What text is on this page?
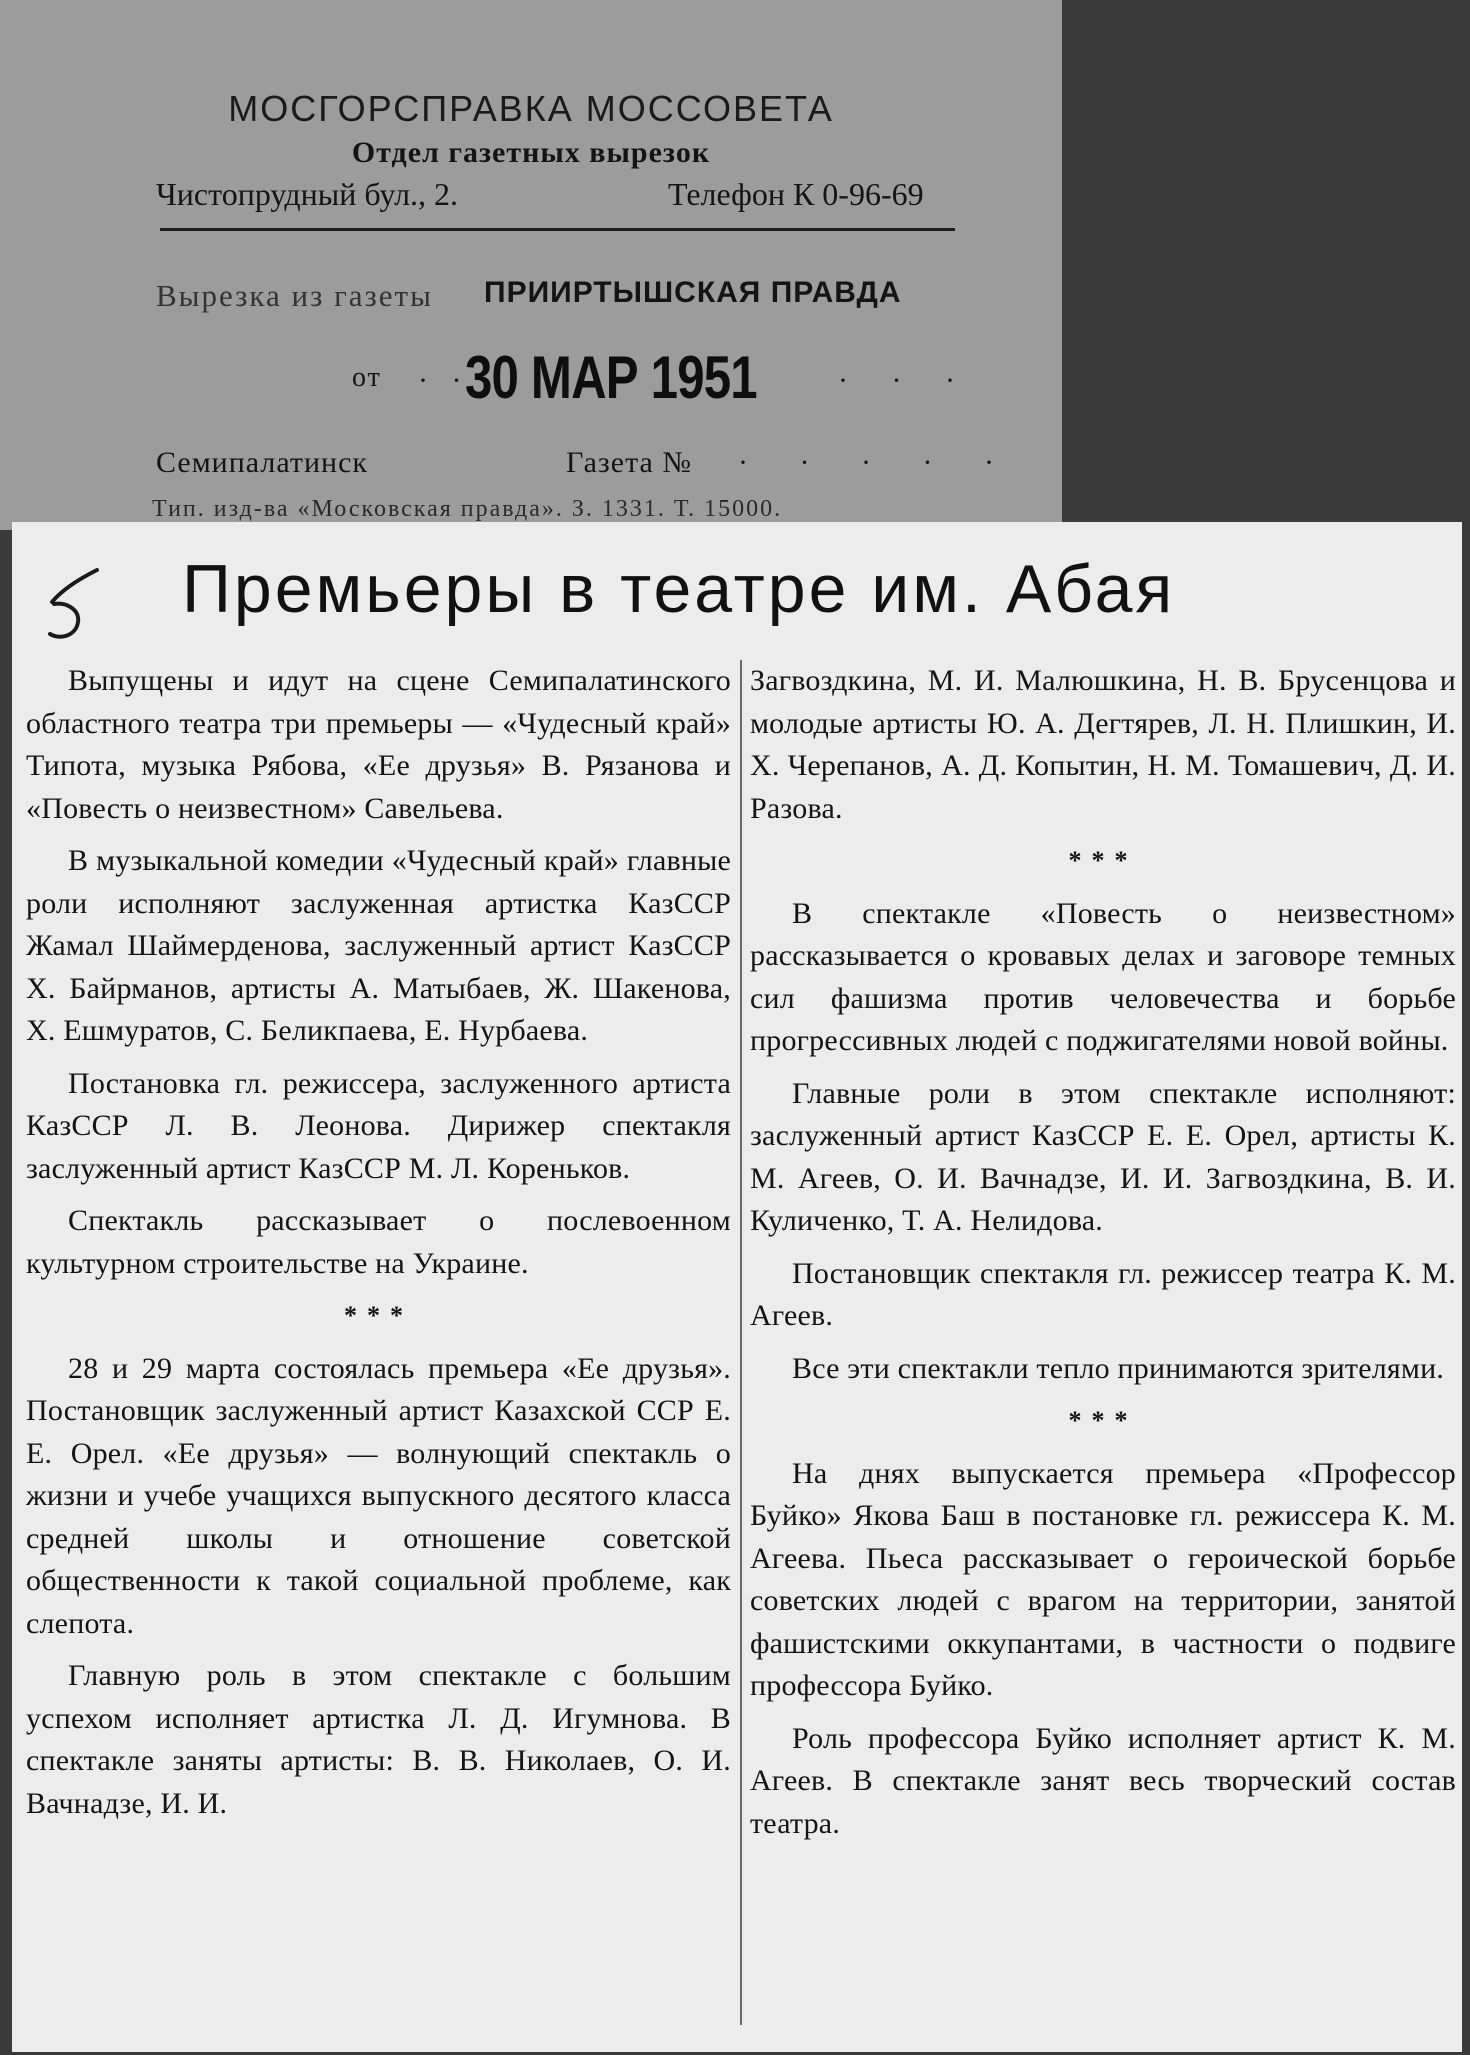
МОСГОРСПРАВКА МОССОВЕТА
Отдел газетных вырезок
Чистопрудный бул., 2.	Телефон К 0-96-69
Вырезка из газеты ПРИИРТЫШСКАЯ ПРАВДА
от · ·
30 МАР 1951	· · ·
Семипалатинск	Газета № · · · · ·
Тип. изд-ва «Московская правда». З. 1331. Т. 15000.
Премьеры в театре им. Абая

Выпущены и идут на сцене Семипалатинского областного театра три премьеры — «Чудесный край» Типота, музыка Рябова, «Ее друзья» В. Рязанова и «Повесть о неизвестном» Савельева.

В музыкальной комедии «Чудесный край» главные роли исполняют заслуженная артистка КазССР Жамал Шаймерденова, заслуженный артист КазССР Х. Байрманов, артисты А. Матыбаев, Ж. Шакенова, Х. Ешмуратов, С. Беликпаева, Е. Нурбаева.

Постановка гл. режиссера, заслуженного артиста КазССР Л. В. Леонова. Дирижер спектакля заслуженный артист КазССР М. Л. Кореньков.

Спектакль рассказывает о послевоенном культурном строительстве на Украине.

***

28 и 29 марта состоялась премьера «Ее друзья». Постановщик заслуженный артист Казахской ССР Е. Е. Орел. «Ее друзья» — волнующий спектакль о жизни и учебе учащихся выпускного десятого класса средней школы и отношение советской общественности к такой социальной проблеме, как слепота.

Главную роль в этом спектакле с большим успехом исполняет артистка Л. Д. Игумнова. В спектакле заняты артисты: В. В. Николаев, О. И. Вачнадзе, И. И.

Загвоздкина, М. И. Малюшкина, Н. В. Брусенцова и молодые артисты Ю. А. Дегтярев, Л. Н. Плишкин, И. Х. Черепанов, А. Д. Копытин, Н. М. Томашевич, Д. И. Разова.

***

В спектакле «Повесть о неизвестном» рассказывается о кровавых делах и заговоре темных сил фашизма против человечества и борьбе прогрессивных людей с поджигателями новой войны.

Главные роли в этом спектакле исполняют: заслуженный артист КазССР Е. Е. Орел, артисты К. М. Агеев, О. И. Вачнадзе, И. И. Загвоздкина, В. И. Куличенко, Т. А. Нелидова.

Постановщик спектакля гл. режиссер театра К. М. Агеев.

Все эти спектакли тепло принимаются зрителями.

***

На днях выпускается премьера «Профессор Буйко» Якова Баш в постановке гл. режиссера К. М. Агеева. Пьеса рассказывает о героической борьбе советских людей с врагом на территории, занятой фашистскими оккупантами, в частности о подвиге профессора Буйко.

Роль профессора Буйко исполняет артист К. М. Агеев. В спектакле занят весь творческий состав театра.
